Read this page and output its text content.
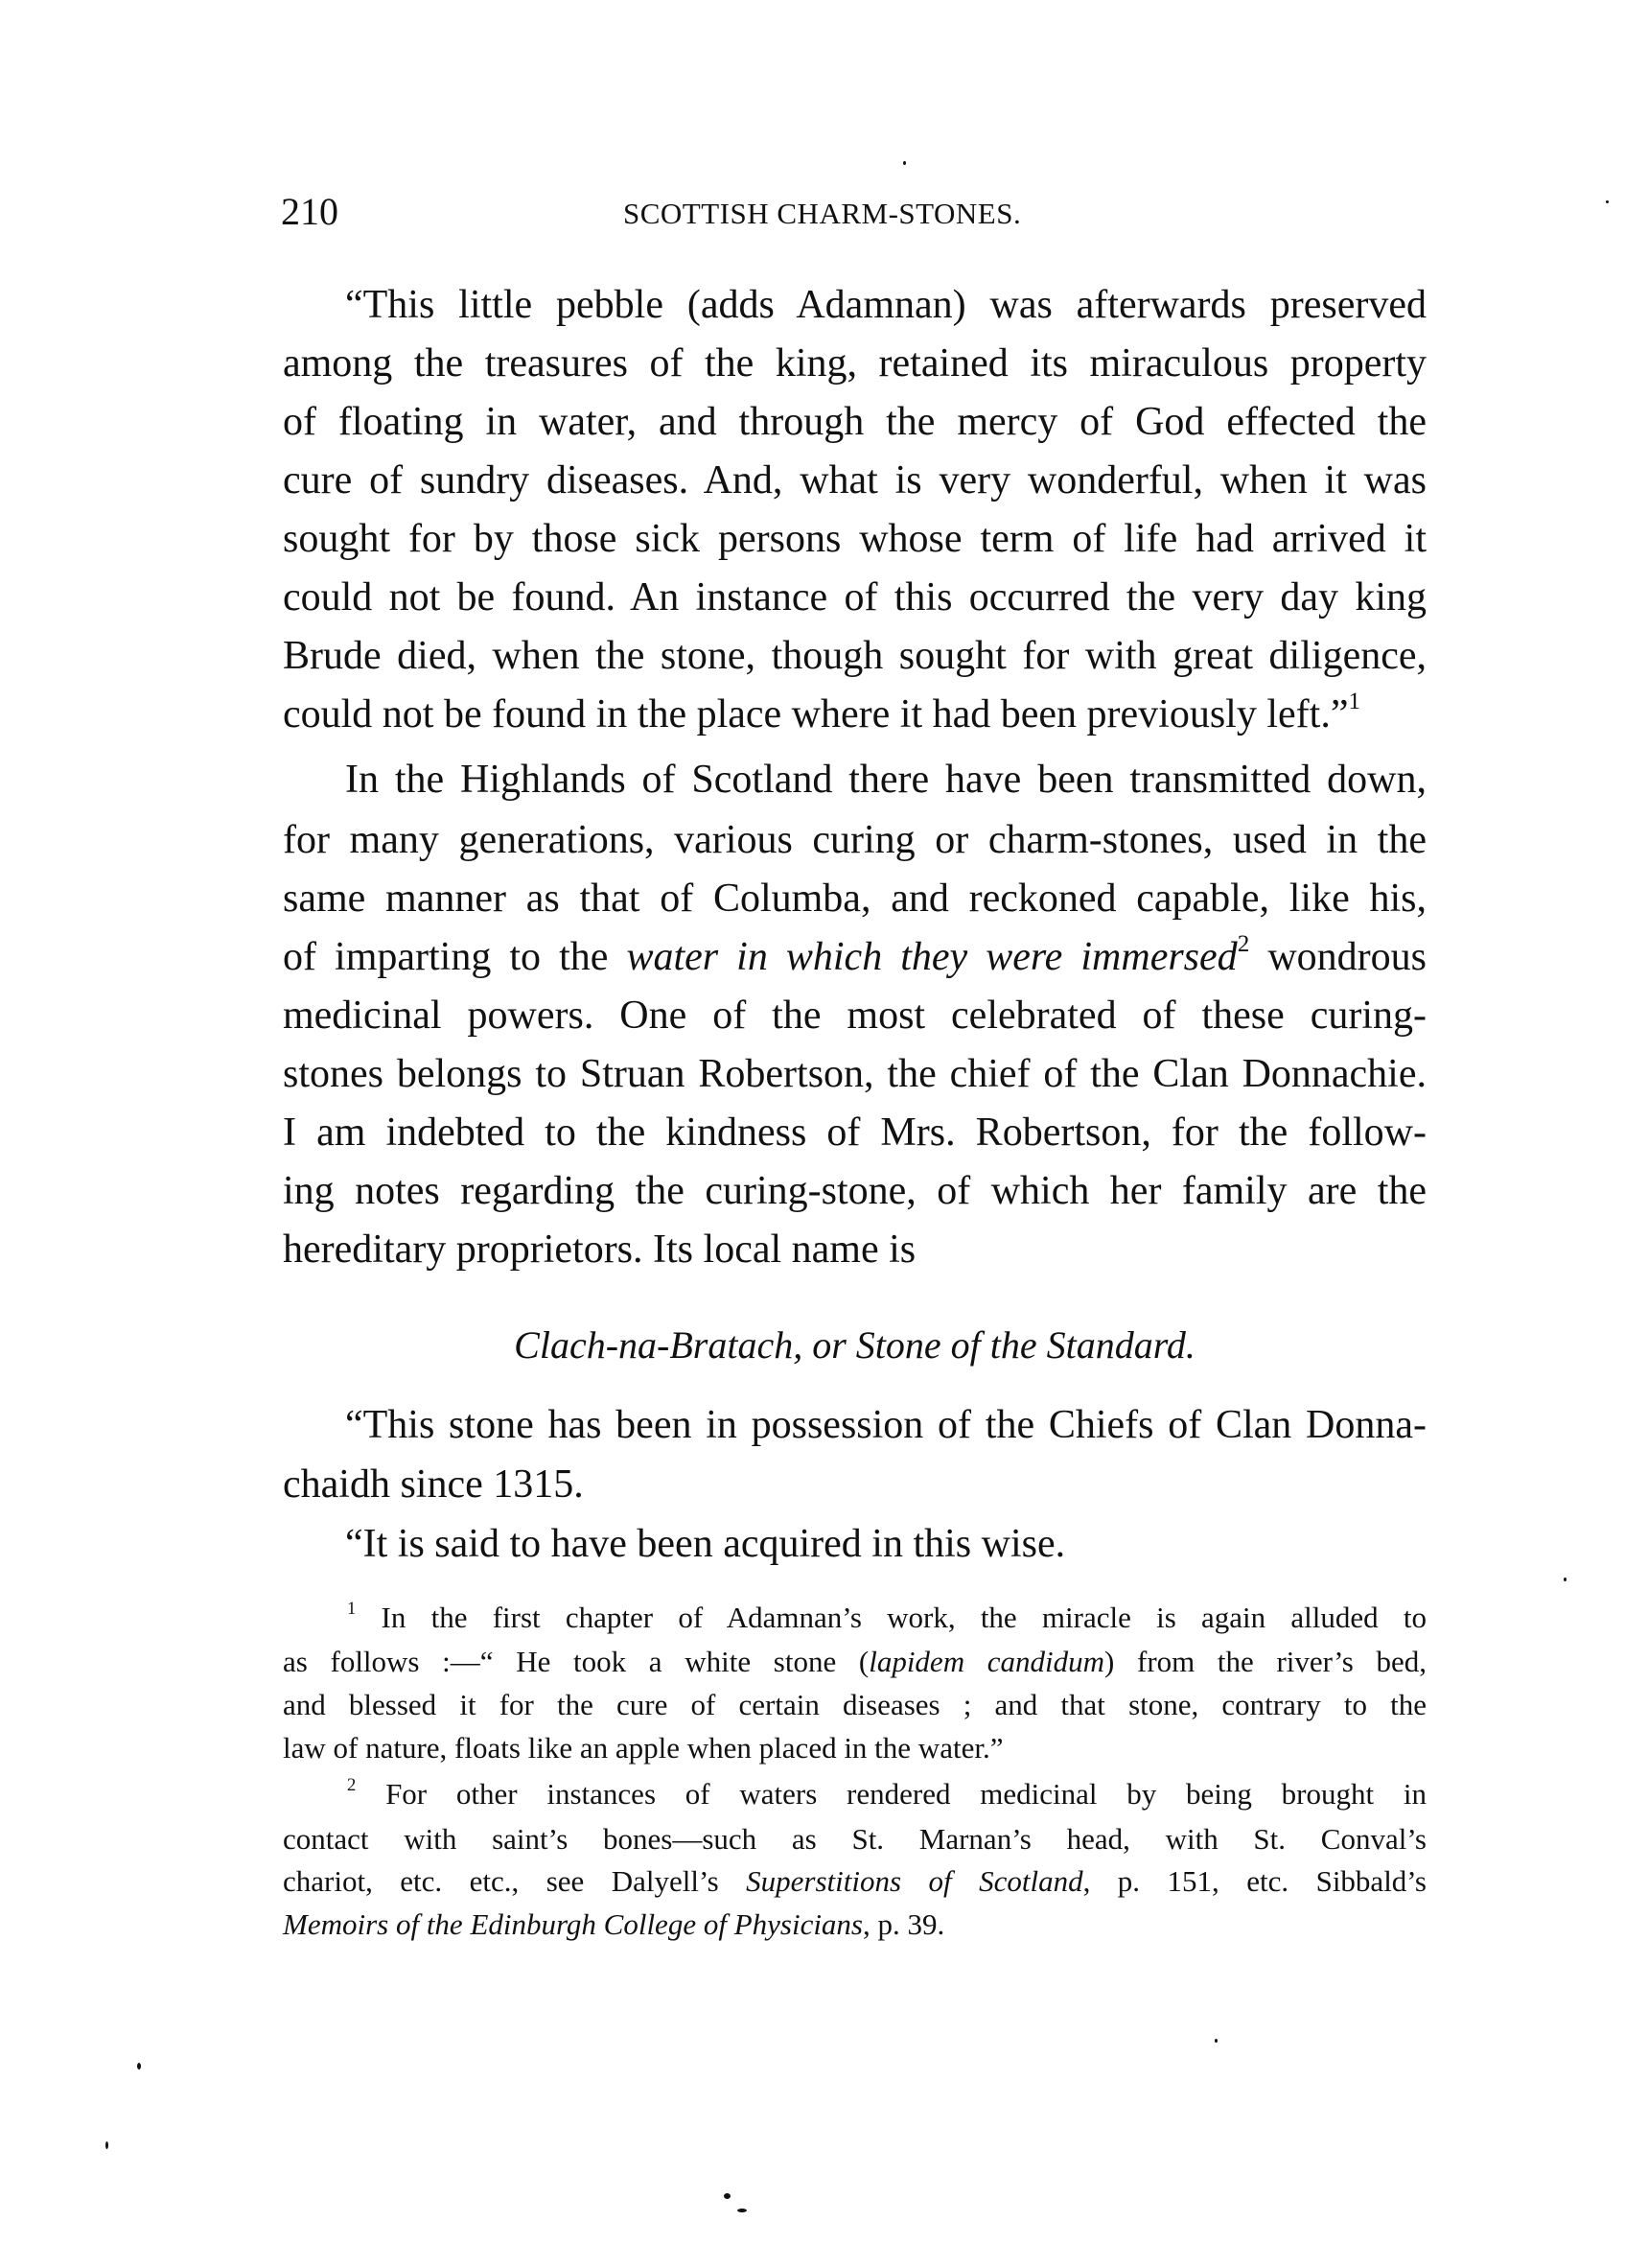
210	SCOTTISH CHARM-STONES.
“This little pebble (adds Adamnan) was afterwards preserved
among the treasures of the king, retained its miraculous property
of floating in water, and through the mercy of God effected the
cure of sundry diseases. And, what is very wonderful, when it was
sought for by those sick persons whose term of life had arrived it
could not be found. An instance of this occurred the very day king
Brude died, when the stone, though sought for with great diligence,
could not be found in the place where it had been previously left.”$^1$
In the Highlands of Scotland there have been transmitted down,
for many generations, various curing or charm-stones, used in the
same manner as that of Columba, and reckoned capable, like his,
of imparting to the water in which they were immersed$^2$ wondrous
medicinal powers. One of the most celebrated of these curing-
stones belongs to Struan Robertson, the chief of the Clan Donnachie.
I am indebted to the kindness of Mrs. Robertson, for the follow-
ing notes regarding the curing-stone, of which her family are the
hereditary proprietors. Its local name is
Clach-na-Bratach, or Stone of the Standard.
“This stone has been in possession of the Chiefs of Clan Donna-
chaidh since 1315.
“It is said to have been acquired in this wise.
$^1$ In the first chapter of Adamnan’s work, the miracle is again alluded to
as follows :—“ He took a white stone (lapidem candidum) from the river’s bed,
and blessed it for the cure of certain diseases ; and that stone, contrary to the
law of nature, floats like an apple when placed in the water.”
$^2$ For other instances of waters rendered medicinal by being brought in
contact with saint’s bones—such as St. Marnan’s head, with St. Conval’s
chariot, etc. etc., see Dalyell’s Superstitions of Scotland, p. 151, etc. Sibbald’s
Memoirs of the Edinburgh College of Physicians, p. 39.
